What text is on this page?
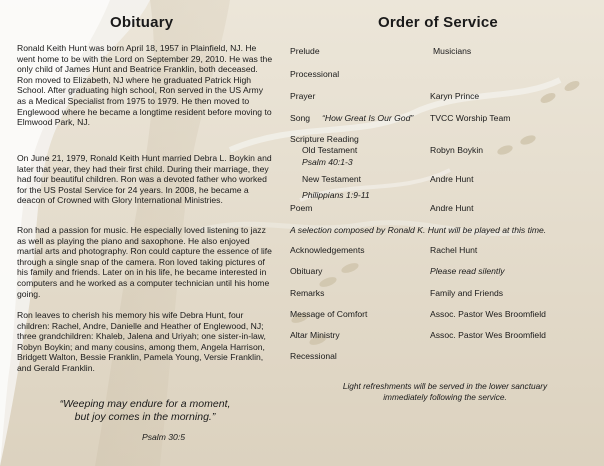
Obituary

Ronald Keith Hunt was born April 18, 1957 in Plainfield, NJ. He went home to be with the Lord on September 29, 2010. He was the only child of James Hunt and Beatrice Franklin, both deceased. Ron moved to Elizabeth, NJ where he graduated Patrick High School. After graduating high school, Ron served in the US Army as a Medical Specialist from 1975 to 1979. He then moved to Englewood where he became a longtime resident before moving to Elmwood Park, NJ.

On June 21, 1979, Ronald Keith Hunt married Debra L. Boykin and later that year, they had their first child. During their marriage, they had four beautiful children. Ron was a devoted father who worked for the US Postal Service for 24 years. In 2008, he became a deacon of Crowned with Glory International Ministries.

Ron had a passion for music. He especially loved listening to jazz as well as playing the piano and saxophone. He also enjoyed martial arts and photography. Ron could capture the essence of life through a single snap of the camera. Ron loved taking pictures of his family and friends. Later on in his life, he became interested in computers and he worked as a computer technician until his home going.

Ron leaves to cherish his memory his wife Debra Hunt, four children: Rachel, Andre, Danielle and Heather of Englewood, NJ; three grandchildren: Khaleb, Jalena and Uriyah; one sister-in-law, Robyn Boykin; and many cousins, among them, Angela Harrison, Bridgett Walton, Bessie Franklin, Pamela Young, Versie Franklin, and Gerald Franklin.

“Weeping may endure for a moment,
but joy comes in the morning.”
Psalm 30:5
Order of Service
Prelude	Musicians
Processional
Prayer	Karyn Prince
Song “How Great Is Our God” TVCC Worship Team
Scripture Reading
Old Testament	Robyn Boykin
Psalm 40:1-3
New Testament	Andre Hunt
Philippians 1:9-11
Poem	Andre Hunt
A selection composed by Ronald K. Hunt will be played at this time.
Acknowledgements	Rachel Hunt
Obituary	Please read silently
Remarks	Family and Friends
Message of Comfort	Assoc. Pastor Wes Broomfield
Altar Ministry	Assoc. Pastor Wes Broomfield
Recessional
Light refreshments will be served in the lower sanctuary
immediately following the service.
